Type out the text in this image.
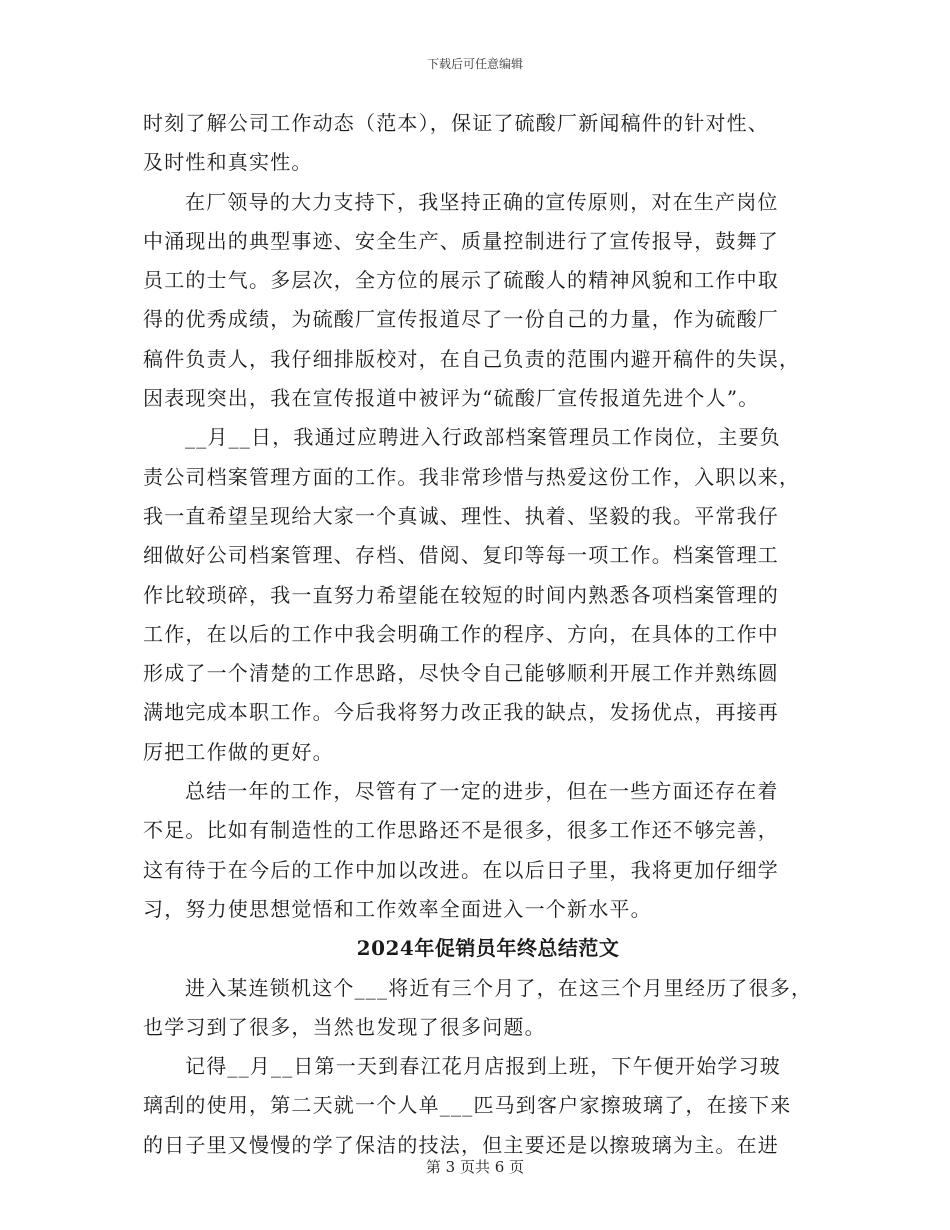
下载后可任意编辑
时刻了解公司工作动态（范本），保证了硫酸厂新闻稿件的针对性、
及时性和真实性。
在厂领导的大力支持下，我坚持正确的宣传原则，对在生产岗位
中涌现出的典型事迹、安全生产、质量控制进行了宣传报导，鼓舞了
员工的士气。多层次，全方位的展示了硫酸人的精神风貌和工作中取
得的优秀成绩，为硫酸厂宣传报道尽了一份自己的力量，作为硫酸厂
稿件负责人，我仔细排版校对，在自己负责的范围内避开稿件的失误，
因表现突出，我在宣传报道中被评为“硫酸厂宣传报道先进个人”。
__月__日，我通过应聘进入行政部档案管理员工作岗位，主要负
责公司档案管理方面的工作。我非常珍惜与热爱这份工作，入职以来，
我一直希望呈现给大家一个真诚、理性、执着、坚毅的我。平常我仔
细做好公司档案管理、存档、借阅、复印等每一项工作。档案管理工
作比较琐碎，我一直努力希望能在较短的时间内熟悉各项档案管理的
工作，在以后的工作中我会明确工作的程序、方向，在具体的工作中
形成了一个清楚的工作思路，尽快令自己能够顺利开展工作并熟练圆
满地完成本职工作。今后我将努力改正我的缺点，发扬优点，再接再
厉把工作做的更好。
总结一年的工作，尽管有了一定的进步，但在一些方面还存在着
不足。比如有制造性的工作思路还不是很多，很多工作还不够完善，
这有待于在今后的工作中加以改进。在以后日子里，我将更加仔细学
习，努力使思想觉悟和工作效率全面进入一个新水平。
2024年促销员年终总结范文
进入某连锁机这个___将近有三个月了，在这三个月里经历了很多，
也学习到了很多，当然也发现了很多问题。
记得__月__日第一天到春江花月店报到上班，下午便开始学习玻
璃刮的使用，第二天就一个人单___匹马到客户家擦玻璃了，在接下来
的日子里又慢慢的学了保洁的技法，但主要还是以擦玻璃为主。在进
第 3 页共 6 页
